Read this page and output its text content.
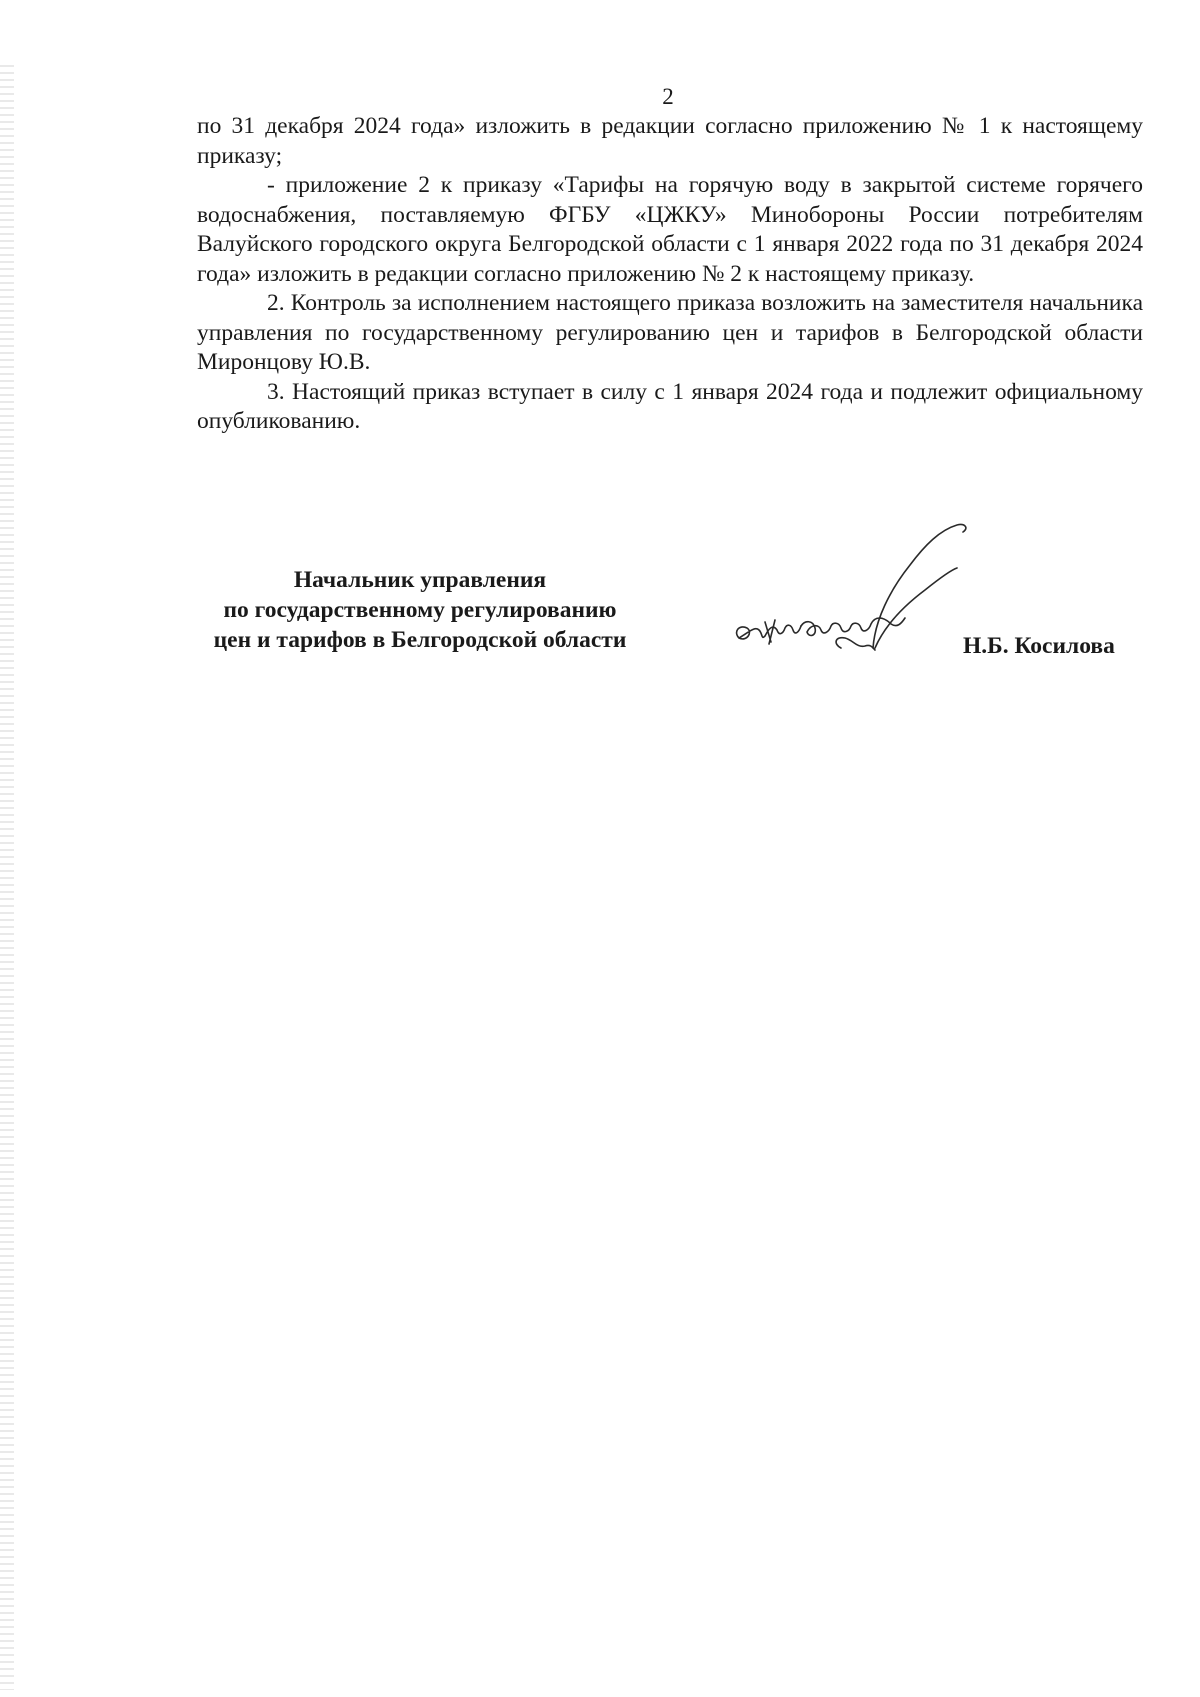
2

по 31 декабря 2024 года» изложить в редакции согласно приложению № 1 к настоящему приказу;

- приложение 2 к приказу «Тарифы на горячую воду в закрытой системе горячего водоснабжения, поставляемую ФГБУ «ЦЖКУ» Минобороны России потребителям Валуйского городского округа Белгородской области с 1 января 2022 года по 31 декабря 2024 года» изложить в редакции согласно приложению № 2 к настоящему приказу.

2. Контроль за исполнением настоящего приказа возложить на заместителя начальника управления по государственному регулированию цен и тарифов в Белгородской области Миронцову Ю.В.

3. Настоящий приказ вступает в силу с 1 января 2024 года и подлежит официальному опубликованию.

Начальник управления
по государственному регулированию
цен и тарифов в Белгородской области	Н.Б. Косилова
